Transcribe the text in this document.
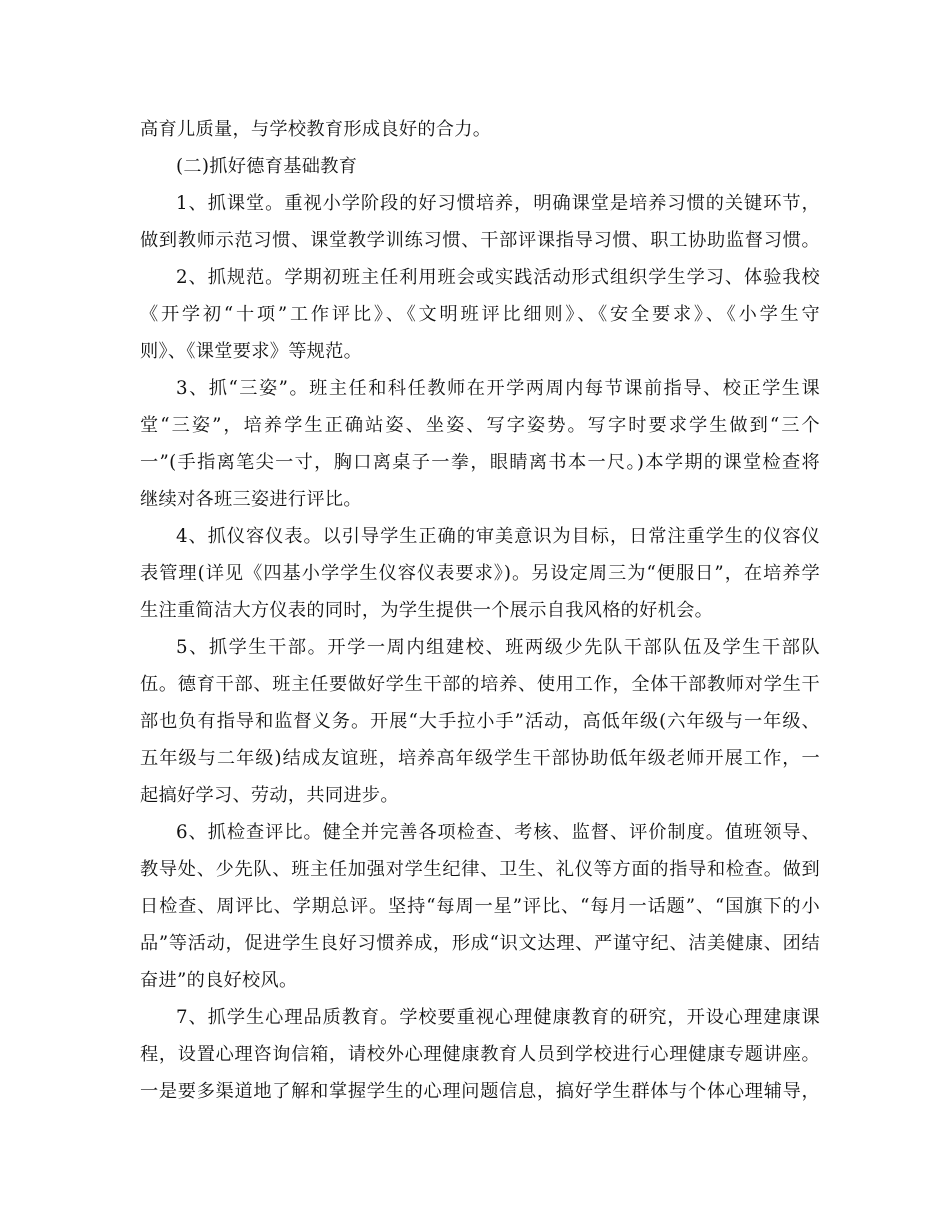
高育儿质量，与学校教育形成良好的合力。
(二)抓好德育基础教育
1、抓课堂。重视小学阶段的好习惯培养，明确课堂是培养习惯的关键环节，
做到教师示范习惯、课堂教学训练习惯、干部评课指导习惯、职工协助监督习惯。
2、抓规范。学期初班主任利用班会或实践活动形式组织学生学习、体验我校
《开学初“十项”工作评比》、《文明班评比细则》、《安全要求》、《小学生守
则》、《课堂要求》等规范。
3、抓“三姿”。班主任和科任教师在开学两周内每节课前指导、校正学生课
堂“三姿”，培养学生正确站姿、坐姿、写字姿势。写字时要求学生做到“三个
一”(手指离笔尖一寸，胸口离桌子一拳，眼睛离书本一尺。)本学期的课堂检查将
继续对各班三姿进行评比。
4、抓仪容仪表。以引导学生正确的审美意识为目标，日常注重学生的仪容仪
表管理(详见《四基小学学生仪容仪表要求》)。另设定周三为“便服日”，在培养学
生注重简洁大方仪表的同时，为学生提供一个展示自我风格的好机会。
5、抓学生干部。开学一周内组建校、班两级少先队干部队伍及学生干部队
伍。德育干部、班主任要做好学生干部的培养、使用工作，全体干部教师对学生干
部也负有指导和监督义务。开展“大手拉小手”活动，高低年级(六年级与一年级、
五年级与二年级)结成友谊班，培养高年级学生干部协助低年级老师开展工作，一
起搞好学习、劳动，共同进步。
6、抓检查评比。健全并完善各项检查、考核、监督、评价制度。值班领导、
教导处、少先队、班主任加强对学生纪律、卫生、礼仪等方面的指导和检查。做到
日检查、周评比、学期总评。坚持“每周一星”评比、“每月一话题”、“国旗下的小
品”等活动，促进学生良好习惯养成，形成“识文达理、严谨守纪、洁美健康、团结
奋进”的良好校风。
7、抓学生心理品质教育。学校要重视心理健康教育的研究，开设心理建康课
程，设置心理咨询信箱，请校外心理健康教育人员到学校进行心理健康专题讲座。
一是要多渠道地了解和掌握学生的心理问题信息，搞好学生群体与个体心理辅导，
